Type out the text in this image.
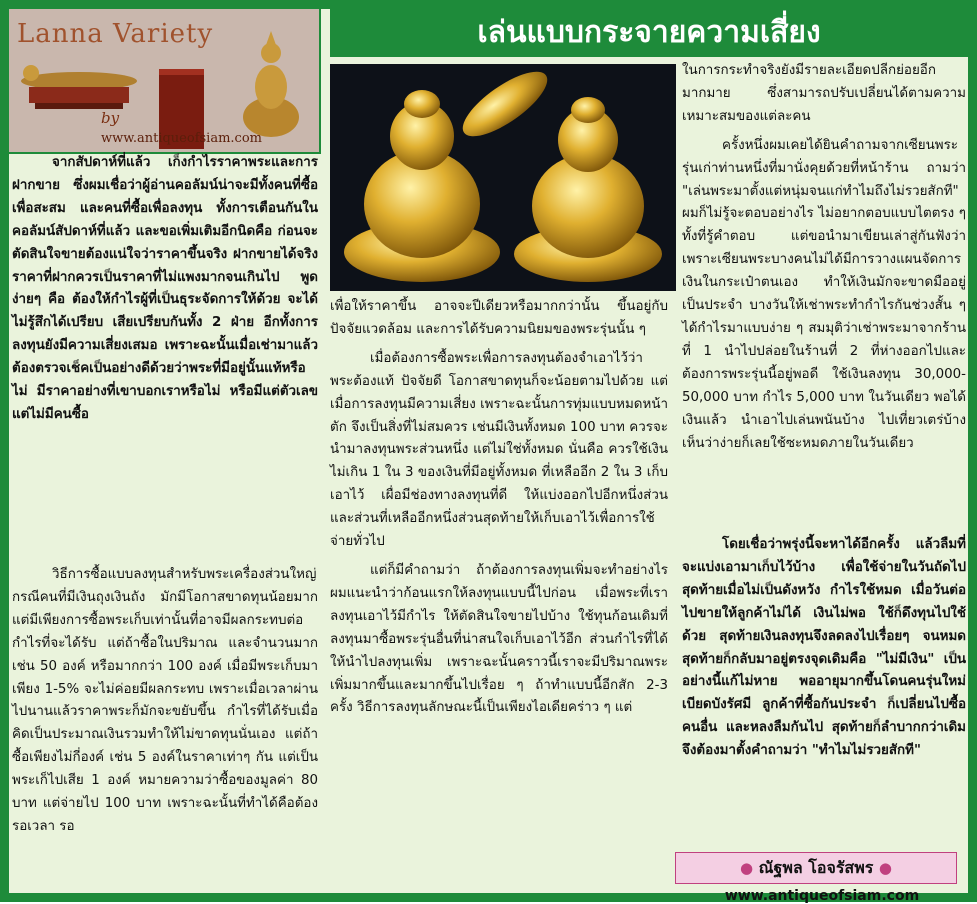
Lanna Variety
by
www.antiqueofsiam.com
เล่นแบบกระจายความเสี่ยง

จากสัปดาห์ที่แล้ว เก็งกำไรราคาพระและการฝากขาย ซึ่งผมเชื่อว่าผู้อ่านคอลัมน์น่าจะมีทั้งคนที่ซื้อเพื่อสะสม และคนที่ซื้อเพื่อลงทุน ทั้งการเตือนกันในคอลัมน์สัปดาห์ที่แล้ว และขอเพิ่มเติมอีกนิดคือ ก่อนจะตัดสินใจขายต้องแน่ใจว่าราคาขึ้นจริง ฝากขายได้จริง ราคาที่ฝากควรเป็นราคาที่ไม่แพงมากจนเกินไป พูดง่ายๆ คือ ต้องให้กำไรผู้ที่เป็นธุระจัดการให้ด้วย จะได้ไม่รู้สึกได้เปรียบ เสียเปรียบกันทั้ง 2 ฝ่าย อีกทั้งการลงทุนยังมีความเสี่ยงเสมอ เพราะฉะนั้นเมื่อเช่ามาแล้วต้องตรวจเช็คเป็นอย่างดีด้วยว่าพระที่มีอยู่นั้นแท้หรือไม่ มีราคาอย่างที่เขาบอกเราหรือไม่ หรือมีแต่ตัวเลข แต่ไม่มีคนซื้อ

วิธีการซื้อแบบลงทุนสำหรับพระเครื่องส่วนใหญ่กรณีคนที่มีเงินถุงเงินถัง มักมีโอกาสขาดทุนน้อยมาก แต่มีเพียงการซื้อพระเก็บเท่านั้นที่อาจมีผลกระทบต่อกำไรที่จะได้รับ แต่ถ้าซื้อในปริมาณ และจำนวนมาก เช่น 50 องค์ หรือมากกว่า 100 องค์ เมื่อมีพระเก็บมาเพียง 1-5% จะไม่ค่อยมีผลกระทบ เพราะเมื่อเวลาผ่านไปนานแล้วราคาพระก็มักจะขยับขึ้น กำไรที่ได้รับเมื่อคิดเป็นประมาณเงินรวมทำให้ไม่ขาดทุนนั่นเอง แต่ถ้าซื้อเพียงไม่กี่องค์ เช่น 5 องค์ในราคาเท่าๆ กัน แต่เป็นพระเก็ไปเสีย 1 องค์ หมายความว่าซื้อของมูลค่า 80 บาท แต่จ่ายไป 100 บาท เพราะฉะนั้นที่ทำได้คือต้องรอเวลา รอ

เพื่อให้ราคาขึ้น อาจจะปีเดียวหรือมากกว่านั้น ขึ้นอยู่กับปัจจัยแวดล้อม และการได้รับความนิยมของพระรุ่นนั้น ๆ

เมื่อต้องการซื้อพระเพื่อการลงทุนต้องจำเอาไว้ว่า พระต้องแท้ ปัจจัยดี โอกาสขาดทุนก็จะน้อยตามไปด้วย แต่เมื่อการลงทุนมีความเสี่ยง เพราะฉะนั้นการทุ่มแบบหมดหน้าตัก จึงเป็นสิ่งที่ไม่สมควร เช่นมีเงินทั้งหมด 100 บาท ควรจะนำมาลงทุนพระส่วนหนึ่ง แต่ไม่ใช่ทั้งหมด นั่นคือ ควรใช้เงินไม่เกิน 1 ใน 3 ของเงินที่มีอยู่ทั้งหมด ที่เหลืออีก 2 ใน 3 เก็บเอาไว้ เผื่อมีช่องทางลงทุนที่ดี ให้แบ่งออกไปอีกหนึ่งส่วน และส่วนที่เหลืออีกหนึ่งส่วนสุดท้ายให้เก็บเอาไว้เพื่อการใช้จ่ายทั่วไป

แต่ก็มีคำถามว่า ถ้าต้องการลงทุนเพิ่มจะทำอย่างไร ผมแนะนำว่าก้อนแรกให้ลงทุนแบบนี้ไปก่อน เมื่อพระที่เราลงทุนเอาไว้มีกำไร ให้ตัดสินใจขายไปบ้าง ใช้ทุนก้อนเดิมที่ลงทุนมาซื้อพระรุ่นอื่นที่น่าสนใจเก็บเอาไว้อีก ส่วนกำไรที่ได้ให้นำไปลงทุนเพิ่ม เพราะฉะนั้นคราวนี้เราจะมีปริมาณพระเพิ่มมากขึ้นและมากขึ้นไปเรื่อย ๆ ถ้าทำแบบนี้อีกสัก 2-3 ครั้ง วิธีการลงทุนลักษณะนี้เป็นเพียงไอเดียคร่าว ๆ แต่

ในการกระทำจริงยังมีรายละเอียดปลีกย่อยอีกมากมาย ซึ่งสามารถปรับเปลี่ยนได้ตามความเหมาะสมของแต่ละคน

ครั้งหนึ่งผมเคยได้ยินคำถามจากเซียนพระรุ่นเก่าท่านหนึ่งที่มานั่งคุยด้วยที่หน้าร้าน ถามว่า "เล่นพระมาตั้งแต่หนุ่มจนแก่ทำไมถึงไม่รวยสักที" ผมก็ไม่รู้จะตอบอย่างไร ไม่อยากตอบแบบไตตรง ๆ ทั้งที่รู้คำตอบ แต่ขอนำมาเขียนเล่าสู่กันฟังว่า เพราะเซียนพระบางคนไม่ได้มีการวางแผนจัดการเงินในกระเป๋าตนเอง ทำให้เงินมักจะขาดมืออยู่เป็นประจำ บางวันให้เช่าพระทำกำไรกันช่วงสั้น ๆ ได้กำไรมาแบบง่าย ๆ สมมุติว่าเช่าพระมาจากร้านที่ 1 นำไปปล่อยในร้านที่ 2 ที่ห่างออกไปและต้องการพระรุ่นนี้อยู่พอดี ใช้เงินลงทุน 30,000-50,000 บาท กำไร 5,000 บาท ในวันเดียว พอได้เงินแล้ว นำเอาไปเล่นพนันบ้าง ไปเที่ยวเตร่บ้าง เห็นว่าง่ายก็เลยใช้ซะหมดภายในวันเดียว

โดยเชื่อว่าพรุ่งนี้จะหาได้อีกครั้ง แล้วลืมที่จะแบ่งเอามาเก็บไว้บ้าง เพื่อใช้จ่ายในวันถัดไป สุดท้ายเมื่อไม่เป็นดังหวัง กำไรใช้หมด เมื่อวันต่อไปขายให้ลูกค้าไม่ได้ เงินไม่พอ ใช้ก็ดึงทุนไปใช้ด้วย สุดท้ายเงินลงทุนจึงลดลงไปเรื่อยๆ จนหมด สุดท้ายก็กลับมาอยู่ตรงจุดเดิมคือ "ไม่มีเงิน" เป็นอย่างนี้แก้ไม่หาย พออายุมากขึ้นโดนคนรุ่นใหม่เบียดบังรัศมี ลูกค้าที่ซื้อกันประจำ ก็เปลี่ยนไปซื้อคนอื่น และหลงลืมกันไป สุดท้ายก็ลำบากกว่าเดิม จึงต้องมาตั้งคำถามว่า "ทำไมไม่รวยสักที"

● ณัฐพล โอจรัสพร ●
www.antiqueofsiam.com
